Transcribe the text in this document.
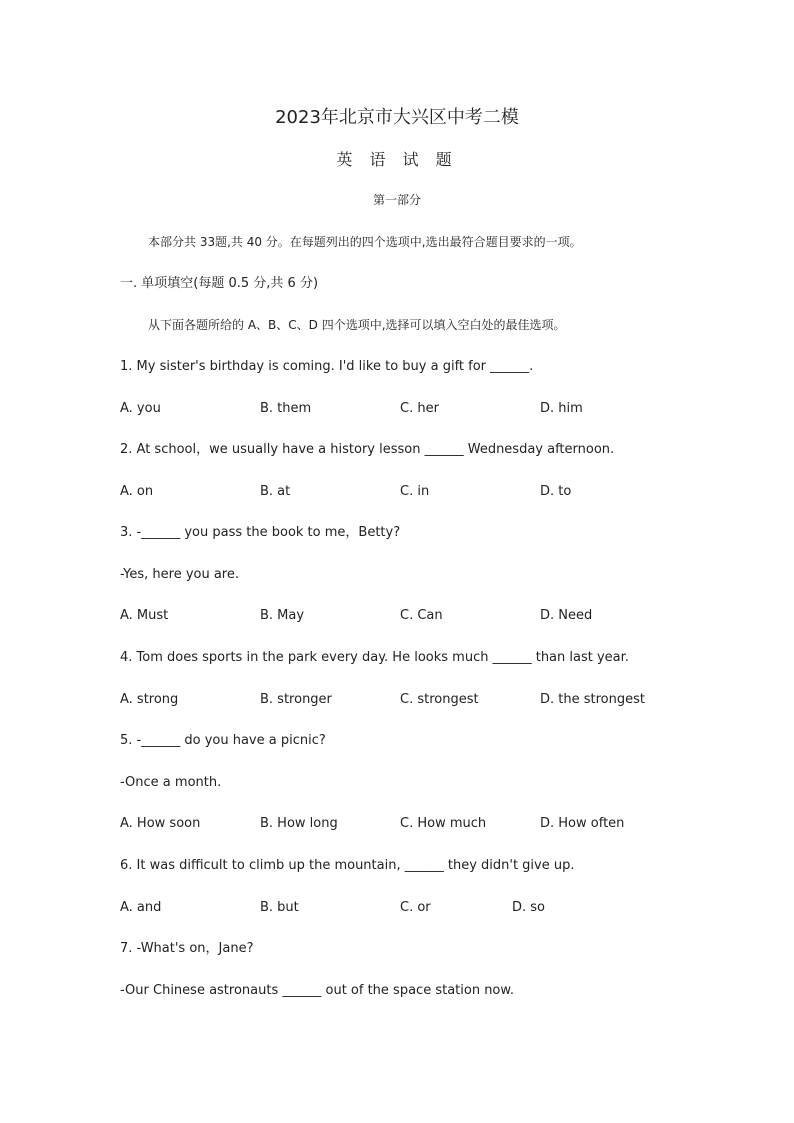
2023年北京市大兴区中考二模
英 语 试 题
第一部分
本部分共 33题,共 40 分。在每题列出的四个选项中,选出最符合题目要求的一项。
一. 单项填空(每题 0.5 分,共 6 分)
从下面各题所给的 A、B、C、D 四个选项中,选择可以填入空白处的最佳选项。
1. My sister's birthday is coming. I'd like to buy a gift for ______.
A. you	B. them	C. her	D. him
2. At school，we usually have a history lesson ______ Wednesday afternoon.
A. on	B. at	C. in	D. to
3. -______ you pass the book to me，Betty?
-Yes, here you are.
A. Must	B. May	C. Can	D. Need
4. Tom does sports in the park every day. He looks much ______ than last year.
A. strong	B. stronger	C. strongest	D. the strongest
5. -______ do you have a picnic?
-Once a month.
A. How soon	B. How long	C. How much	D. How often
6. It was difficult to climb up the mountain, ______ they didn't give up.
A. and	B. but	C. or	D. so
7. -What's on，Jane?
-Our Chinese astronauts ______ out of the space station now.
